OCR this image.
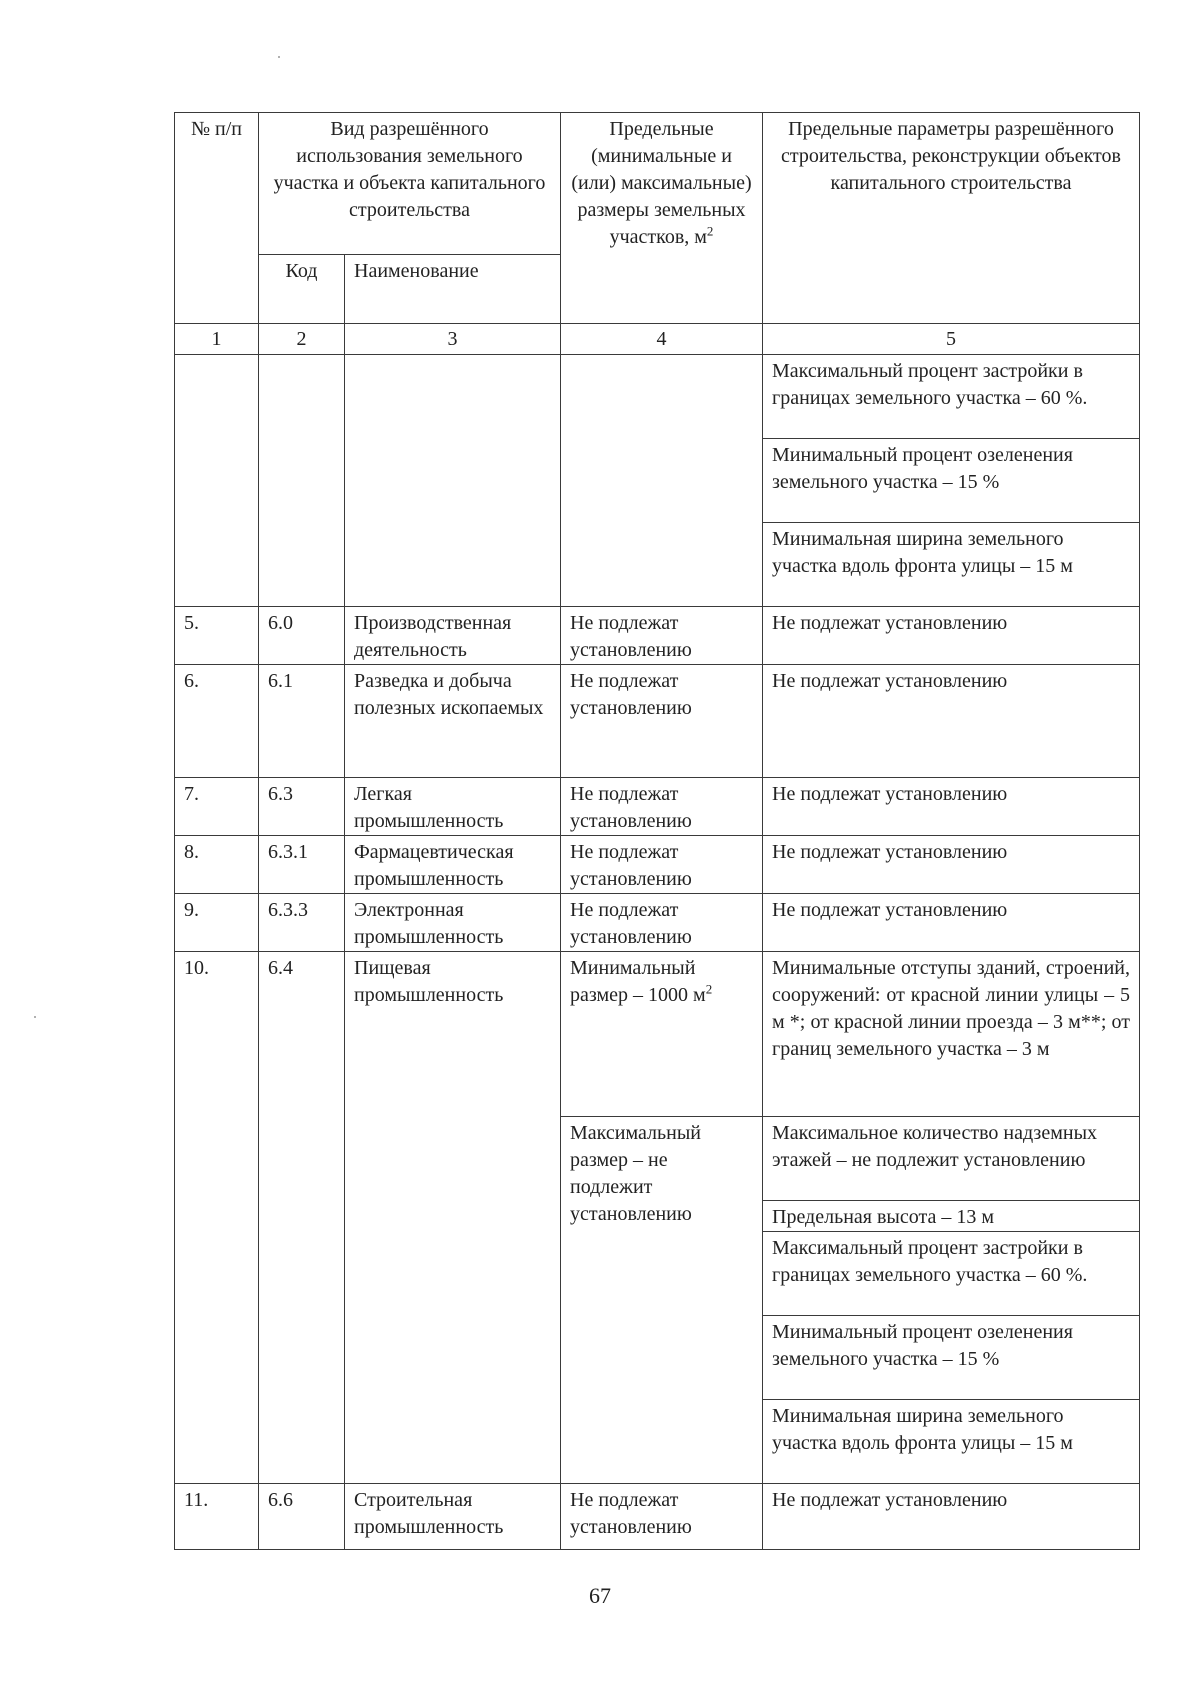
№ п/п	Вид разрешённого использования земельного участка и объекта капитального строительства		Предельные (минимальные и (или) максимальные) размеры земельных участков, $м^2$	Предельные параметры разрешённого строительства, реконструкции объектов капитального строительства
	Код	Наименование		
1	2	3	4	5
				Максимальный процент застройки в границах земельного участка – 60 %.
				Минимальный процент озеленения земельного участка – 15 %
				Минимальная ширина земельного участка вдоль фронта улицы – 15 м
5.	6.0	Производственная деятельность	Не подлежат установлению	Не подлежат установлению
6.	6.1	Разведка и добыча полезных ископаемых	Не подлежат установлению	Не подлежат установлению
7.	6.3	Легкая промышленность	Не подлежат установлению	Не подлежат установлению
8.	6.3.1	Фармацевтическая промышленность	Не подлежат установлению	Не подлежат установлению
9.	6.3.3	Электронная промышленность	Не подлежат установлению	Не подлежат установлению
10.	6.4	Пищевая промышленность	Минимальный размер – 1000 $м^2$	Минимальные отступы зданий, строений, сооружений: от красной линии улицы – 5 м *; от красной линии проезда – 3 м**; от границ земельного участка – 3 м
			Максимальный размер – не подлежит установлению	Максимальное количество надземных этажей – не подлежит установлению
				Предельная высота – 13 м
				Максимальный процент застройки в границах земельного участка – 60 %.
				Минимальный процент озеленения земельного участка – 15 %
				Минимальная ширина земельного участка вдоль фронта улицы – 15 м

11.	6.6	Строительная промышленность	Не подлежат установлению	Не подлежат установлению
67
